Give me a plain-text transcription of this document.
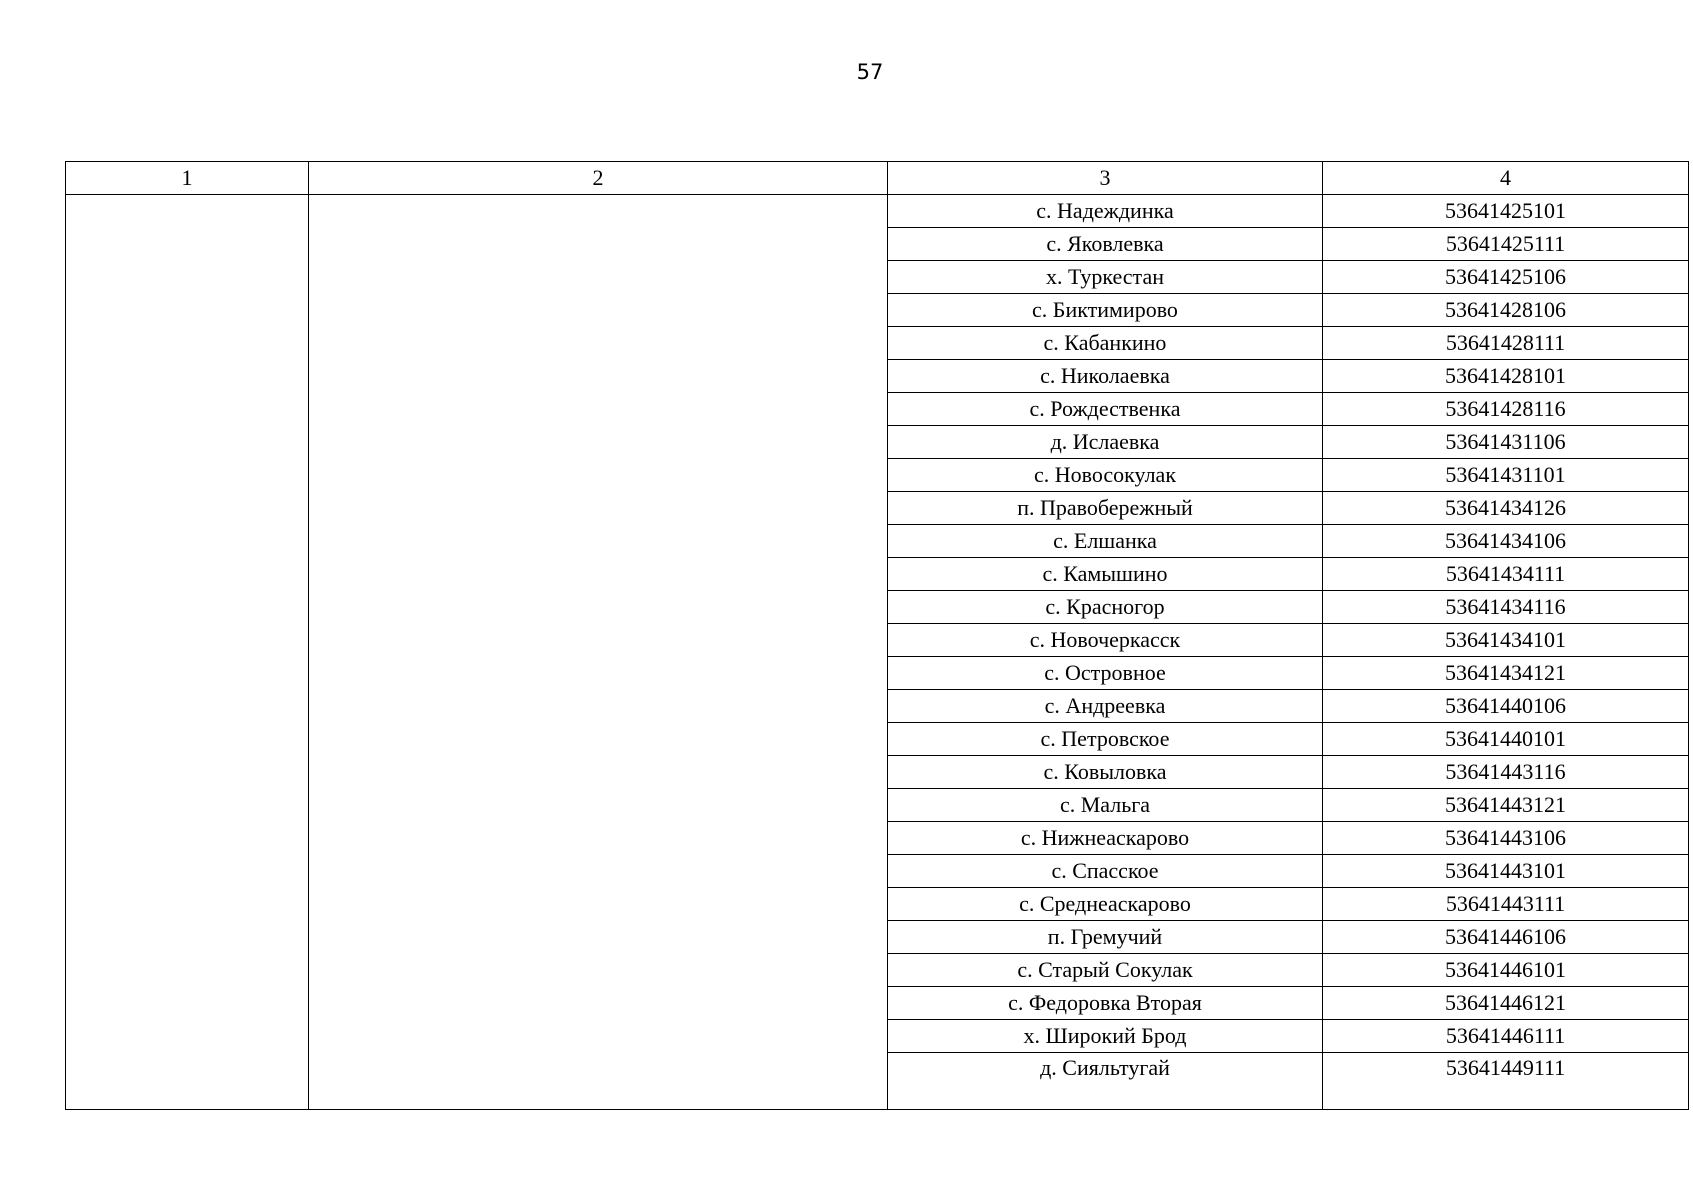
57
1	2	3	4
		с. Надеждинка	53641425101
		с. Яковлевка	53641425111
		х. Туркестан	53641425106
		с. Биктимирово	53641428106
		с. Кабанкино	53641428111
		с. Николаевка	53641428101
		с. Рождественка	53641428116
		д. Ислаевка	53641431106
		с. Новосокулак	53641431101
		п. Правобережный	53641434126
		с. Елшанка	53641434106
		с. Камышино	53641434111
		с. Красногор	53641434116
		с. Новочеркасск	53641434101
		с. Островное	53641434121
		с. Андреевка	53641440106
		с. Петровское	53641440101
		с. Ковыловка	53641443116
		с. Мальга	53641443121
		с. Нижнеаскарово	53641443106
		с. Спасское	53641443101
		с. Среднеаскарово	53641443111
		п. Гремучий	53641446106
		с. Старый Сокулак	53641446101
		с. Федоровка Вторая	53641446121
		х. Широкий Брод	53641446111
		д. Сияльтугай	53641449111
